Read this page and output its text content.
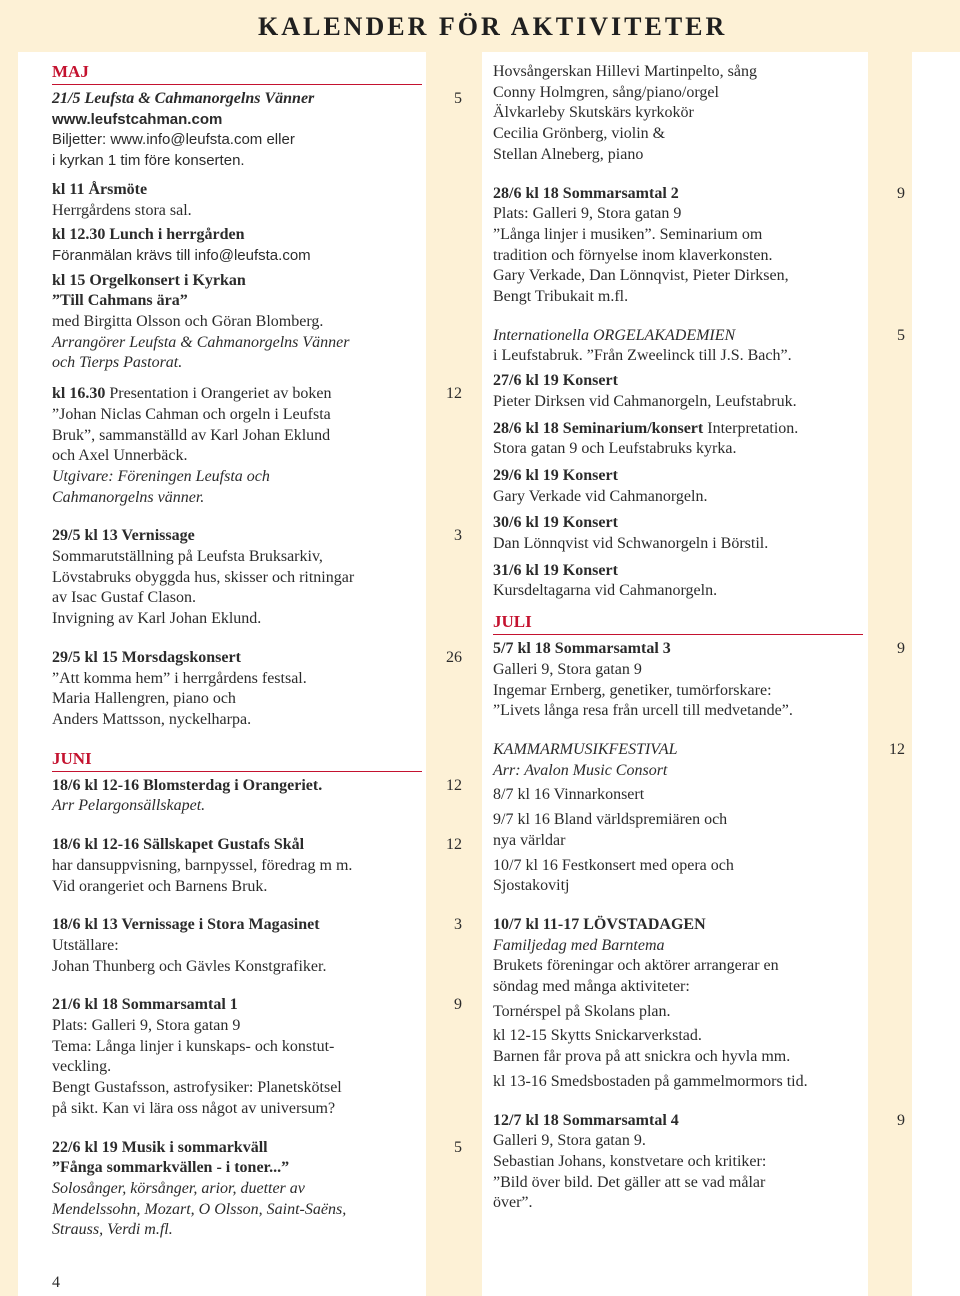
KALENDER FÖR AKTIVITETER
MAJ
21/5 Leufsta & Cahmanorgelns Vänner	5
www.leufstcahman.com
Biljetter: www.info@leufsta.com eller
i kyrkan 1 tim före konserten.
kl 11 Årsmöte
Herrgårdens stora sal.
kl 12.30 Lunch i herrgården
Föranmälan krävs till info@leufsta.com
kl 15 Orgelkonsert i Kyrkan
”Till Cahmans ära”
med Birgitta Olsson och Göran Blomberg.
Arrangörer Leufsta & Cahmanorgelns Vänner
och Tierps Pastorat.
kl 16.30 Presentation i Orangeriet av boken	12
”Johan Niclas Cahman och orgeln i Leufsta
Bruk”, sammanställd av Karl Johan Eklund
och Axel Unnerbäck.
Utgivare: Föreningen Leufsta och
Cahmanorgelns vänner.
29/5 kl 13 Vernissage	3
Sommarutställning på Leufsta Bruksarkiv,
Lövstabruks obyggda hus, skisser och ritningar
av Isac Gustaf Clason.
Invigning av Karl Johan Eklund.
29/5 kl 15 Morsdagskonsert	26
”Att komma hem” i herrgårdens festsal.
Maria Hallengren, piano och
Anders Mattsson, nyckelharpa.
JUNI
18/6 kl 12-16 Blomsterdag i Orangeriet.	12
Arr Pelargonsällskapet.
18/6 kl 12-16 Sällskapet Gustafs Skål	12
har dansuppvisning, barnpyssel, föredrag m m.
Vid orangeriet och Barnens Bruk.
18/6 kl 13 Vernissage i Stora Magasinet	3
Utställare:
Johan Thunberg och Gävles Konstgrafiker.
21/6 kl 18 Sommarsamtal 1	9
Plats: Galleri 9, Stora gatan 9
Tema: Långa linjer i kunskaps- och konstut-
veckling.
Bengt Gustafsson, astrofysiker: Planetskötsel
på sikt. Kan vi lära oss något av universum?
22/6 kl 19 Musik i sommarkväll	5
”Fånga sommarkvällen - i toner...”
Solosånger, körsånger, arior, duetter av
Mendelssohn, Mozart, O Olsson, Saint-Saëns,
Strauss, Verdi m.fl.
Hovsångerskan Hillevi Martinpelto, sång
Conny Holmgren, sång/piano/orgel
Älvkarleby Skutskärs kyrkokör
Cecilia Grönberg, violin &
Stellan Alneberg, piano
28/6 kl 18 Sommarsamtal 2	9
Plats: Galleri 9, Stora gatan 9
”Långa linjer i musiken”. Seminarium om
tradition och förnyelse inom klaverkonsten.
Gary Verkade, Dan Lönnqvist, Pieter Dirksen,
Bengt Tribukait m.fl.
Internationella ORGELAKADEMIEN	5
i Leufstabruk. ”Från Zweelinck till J.S. Bach”.
27/6 kl 19 Konsert
Pieter Dirksen vid Cahmanorgeln, Leufstabruk.
28/6 kl 18 Seminarium/konsert Interpretation.
Stora gatan 9 och Leufstabruks kyrka.
29/6 kl 19 Konsert
Gary Verkade vid Cahmanorgeln.
30/6 kl 19 Konsert
Dan Lönnqvist vid Schwanorgeln i Börstil.
31/6 kl 19 Konsert
Kursdeltagarna vid Cahmanorgeln.
JULI
5/7 kl 18 Sommarsamtal 3	9
Galleri 9, Stora gatan 9
Ingemar Ernberg, genetiker, tumörforskare:
”Livets långa resa från urcell till medvetande”.
KAMMARMUSIKFESTIVAL	12
Arr: Avalon Music Consort
8/7 kl 16 Vinnarkonsert
9/7 kl 16 Bland världspremiären och
nya världar
10/7 kl 16 Festkonsert med opera och
Sjostakovitj
10/7 kl 11-17 LÖVSTADAGEN
Familjedag med Barntema
Brukets föreningar och aktörer arrangerar en
söndag med många aktiviteter:
Tornérspel på Skolans plan.
kl 12-15 Skytts Snickarverkstad.
Barnen får prova på att snickra och hyvla mm.
kl 13-16 Smedsbostaden på gammelmormors tid.
12/7 kl 18 Sommarsamtal 4	9
Galleri 9, Stora gatan 9.
Sebastian Johans, konstvetare och kritiker:
”Bild över bild. Det gäller att se vad målar
över”.
4
